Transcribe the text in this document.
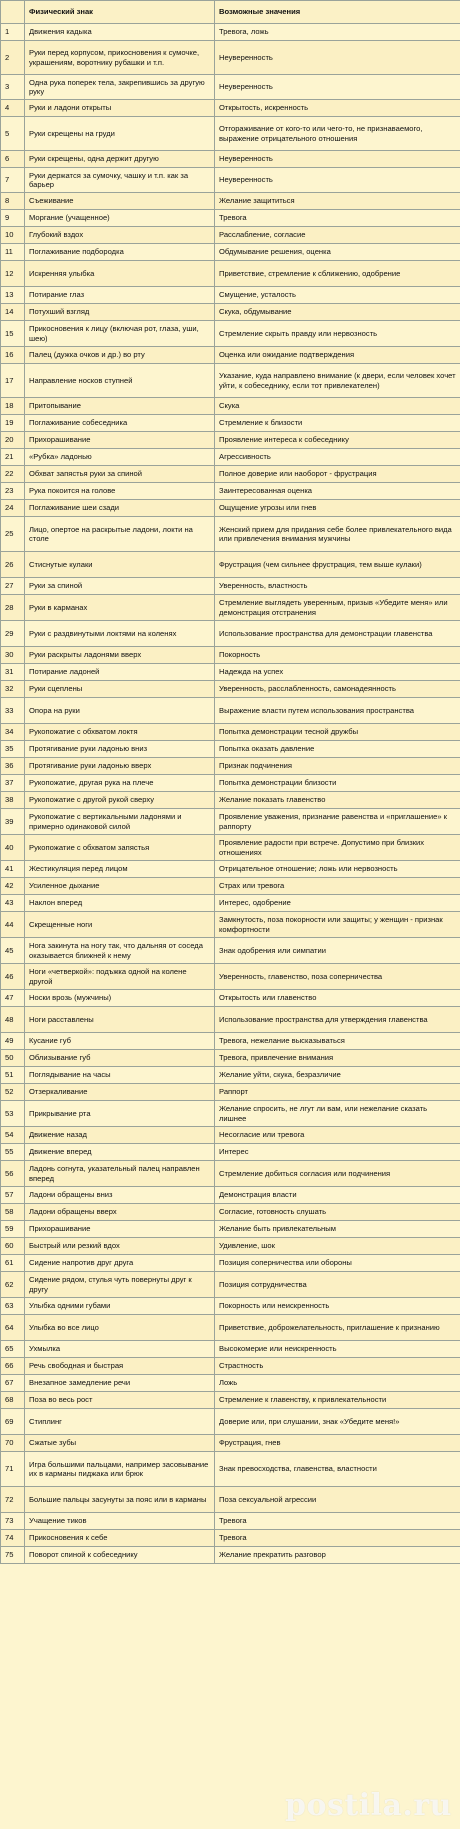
	Физический знак	Возможные значения
1	Движения кадыка	Тревога, ложь
2	Руки перед корпусом, прикосновения к сумочке, украшениям, воротнику рубашки и т.п.	Неуверенность
3	Одна рука поперек тела, закрепившись за другую руку	Неуверенность
4	Руки и ладони открыты	Открытость, искренность
5	Руки скрещены на груди	Отгораживание от кого-то или чего-то, не признаваемого, выражение отрицательного отношения
6	Руки скрещены, одна держит другую	Неуверенность
7	Руки держатся за сумочку, чашку и т.п. как за барьер	Неуверенность
8	Съеживание	Желание защититься
9	Моргание (учащенное)	Тревога
10	Глубокий вздох	Расслабление, согласие
11	Поглаживание подбородка	Обдумывание решения, оценка
12	Искренняя улыбка	Приветствие, стремление к сближению, одобрение
13	Потирание глаз	Смущение, усталость
14	Потухший взгляд	Скука, обдумывание
15	Прикосновения к лицу (включая рот, глаза, уши, шею)	Стремление скрыть правду или нервозность
16	Палец (дужка очков и др.) во рту	Оценка или ожидание подтверждения
17	Направление носков ступней	Указание, куда направлено внимание (к двери, если человек хочет уйти, к собеседнику, если тот привлекателен)
18	Притопывание	Скука
19	Поглаживание собеседника	Стремление к близости
20	Прихорашивание	Проявление интереса к собеседнику
21	«Рубка» ладонью	Агрессивность
22	Обхват запястья руки за спиной	Полное доверие или наоборот - фрустрация
23	Рука покоится на голове	Заинтересованная оценка
24	Поглаживание шеи сзади	Ощущение угрозы или гнев
25	Лицо, опертое на раскрытые ладони, локти на столе	Женский прием для придания себе более привлекательного вида или привлечения внимания мужчины
26	Стиснутые кулаки	Фрустрация (чем сильнее фрустрация, тем выше кулаки)
27	Руки за спиной	Уверенность, властность
28	Руки в карманах	Стремление выглядеть уверенным, призыв «Убедите меня» или демонстрация отстранения
29	Руки с раздвинутыми локтями на коленях	Использование пространства для демонстрации главенства
30	Руки раскрыты ладонями вверх	Покорность
31	Потирание ладоней	Надежда на успех
32	Руки сцеплены	Уверенность, расслабленность, самонадеянность
33	Опора на руки	Выражение власти путем использования пространства
34	Рукопожатие с обхватом локтя	Попытка демонстрации тесной дружбы
35	Протягивание руки ладонью вниз	Попытка оказать давление
36	Протягивание руки ладонью вверх	Признак подчинения
37	Рукопожатие, другая рука на плече	Попытка демонстрации близости
38	Рукопожатие с другой рукой сверху	Желание показать главенство
39	Рукопожатие с вертикальными ладонями и примерно одинаковой силой	Проявление уважения, признание равенства и «приглашение» к раппорту
40	Рукопожатие с обхватом запястья	Проявление радости при встрече. Допустимо при близких отношениях
41	Жестикуляция перед лицом	Отрицательное отношение; ложь или нервозность
42	Усиленное дыхание	Страх или тревога
43	Наклон вперед	Интерес, одобрение
44	Скрещенные ноги	Замкнутость, поза покорности или защиты; у женщин - признак комфортности
45	Нога закинута на ногу так, что дальняя от соседа оказывается ближней к нему	Знак одобрения или симпатии
46	Ноги «четверкой»: подъжка одной на колене другой	Уверенность, главенство, поза соперничества
47	Носки врозь (мужчины)	Открытость или главенство
48	Ноги расставлены	Использование пространства для утверждения главенства
49	Кусание губ	Тревога, нежелание высказываться
50	Облизывание губ	Тревога, привлечение внимания
51	Поглядывание на часы	Желание уйти, скука, безразличие
52	Отзеркаливание	Раппорт
53	Прикрывание рта	Желание спросить, не лгут ли вам, или нежелание сказать лишнее
54	Движение назад	Несогласие или тревога
55	Движение вперед	Интерес
56	Ладонь согнута, указательный палец направлен вперед	Стремление добиться согласия или подчинения
57	Ладони обращены вниз	Демонстрация власти
58	Ладони обращены вверх	Согласие, готовность слушать
59	Прихорашивание	Желание быть привлекательным
60	Быстрый или резкий вдох	Удивление, шок
61	Сидение напротив друг друга	Позиция соперничества или обороны
62	Сидение рядом, стулья чуть повернуты друг к другу	Позиция сотрудничества
63	Улыбка одними губами	Покорность или неискренность
64	Улыбка во все лицо	Приветствие, доброжелательность, приглашение к признанию
65	Ухмылка	Высокомерие или неискренность
66	Речь свободная и быстрая	Страстность
67	Внезапное замедление речи	Ложь
68	Поза во весь рост	Стремление к главенству, к привлекательности
69	Стиплинг	Доверие или, при слушании, знак «Убедите меня!»
70	Сжатые зубы	Фрустрация, гнев
71	Игра большими пальцами, например засовывание их в карманы пиджака или брюк	Знак превосходства, главенства, властности
72	Большие пальцы засунуты за пояс или в карманы	Поза сексуальной агрессии
73	Учащение тиков	Тревога
74	Прикосновения к себе	Тревога
75	Поворот спиной к собеседнику	Желание прекратить разговор
postila.ru
